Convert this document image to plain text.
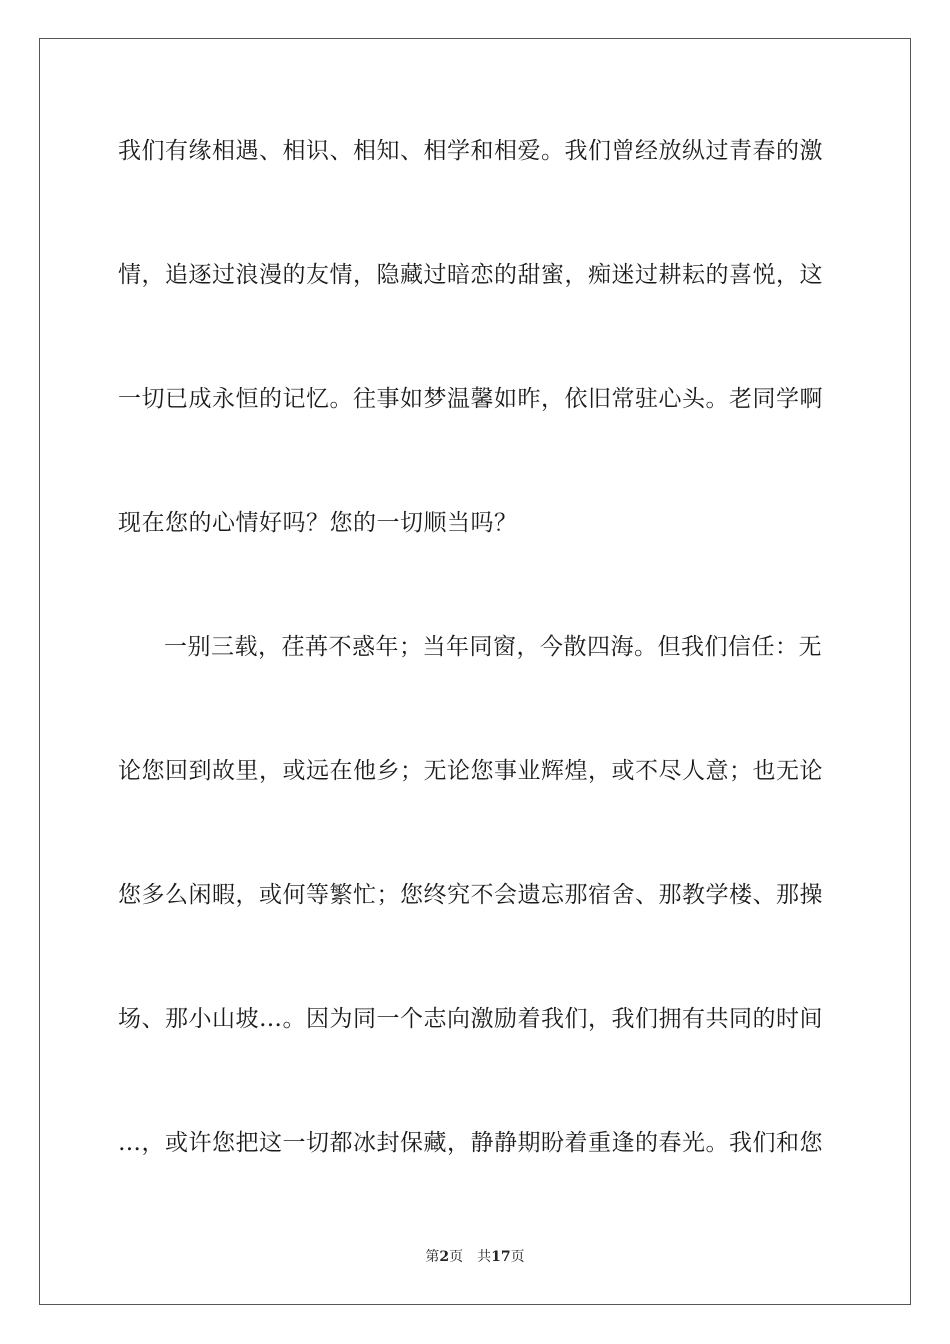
我们有缘相遇、相识、相知、相学和相爱。我们曾经放纵过青春的激
情，追逐过浪漫的友情，隐藏过暗恋的甜蜜，痴迷过耕耘的喜悦，这
一切已成永恒的记忆。往事如梦温馨如昨，依旧常驻心头。老同学啊
现在您的心情好吗？您的一切顺当吗？
一别三载，荏苒不惑年；当年同窗，今散四海。但我们信任：无
论您回到故里，或远在他乡；无论您事业辉煌，或不尽人意；也无论
您多么闲暇，或何等繁忙；您终究不会遗忘那宿舍、那教学楼、那操
场、那小山坡…。因为同一个志向激励着我们，我们拥有共同的时间
…，或许您把这一切都冰封保藏，静静期盼着重逢的春光。我们和您
第2页 共17页
